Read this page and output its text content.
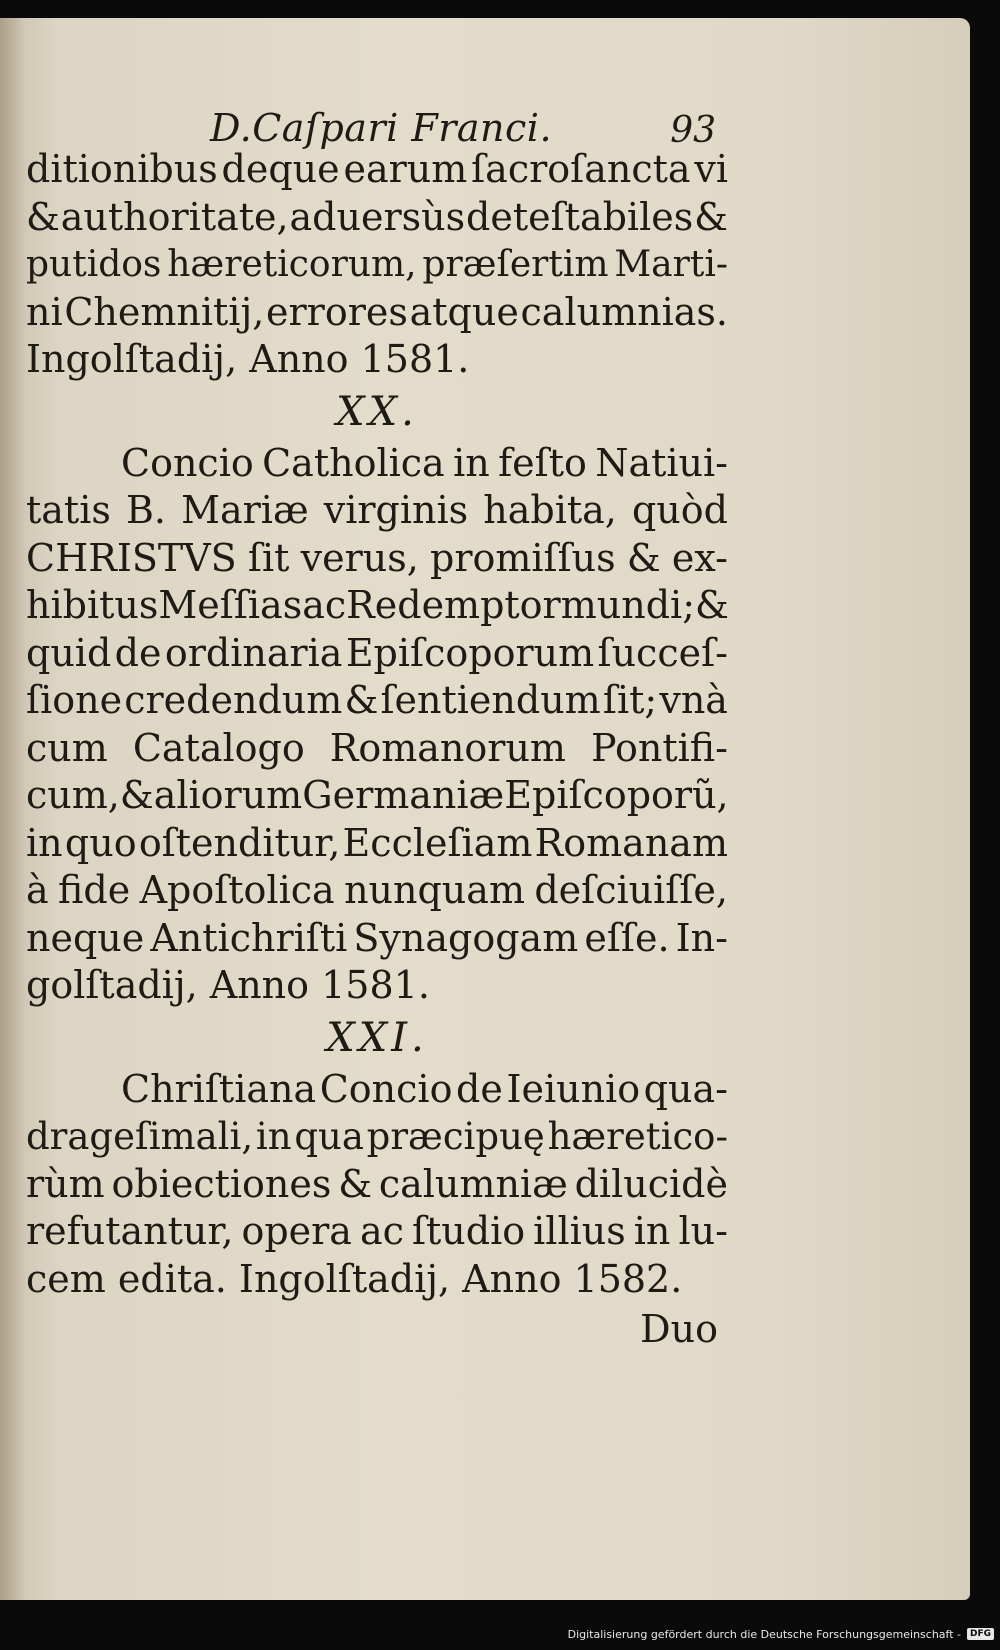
D.Caſpari Franci.	93
ditionibus deque earum ſacroſancta vi
& authoritate, aduersùs deteſtabiles &
putidos hæreticorum, præſertim Marti-
ni Chemnitij, errores atque calumnias.
Ingolſtadij, Anno 1581.
XX.
Concio Catholica in feſto Natiui-
tatis B. Mariæ virginis habita, quòd
CHRISTVS ſit verus, promiſſus & ex-
hibitus Meſſias ac Redemptor mundi; &
quid de ordinaria Epiſcoporum ſucceſ-
ſione credendum & ſentiendum ſit; vnà
cum Catalogo Romanorum Pontifi-
cum, & aliorum Germaniæ Epiſcoporũ,
in quo oſtenditur, Eccleſiam Romanam
à fide Apoſtolica nunquam deſciuiſſe,
neque Antichriſti Synagogam eſſe. In-
golſtadij, Anno 1581.
XXI.
Chriſtiana Concio de Ieiunio qua-
drageſimali, in qua præcipuę hæretico-
rùm obiectiones & calumniæ dilucidè
refutantur, opera ac ſtudio illius in lu-
cem edita. Ingolſtadij, Anno 1582.
Duo
Digitalisierung gefördert durch die Deutsche Forschungsgemeinschaft -	DFG
